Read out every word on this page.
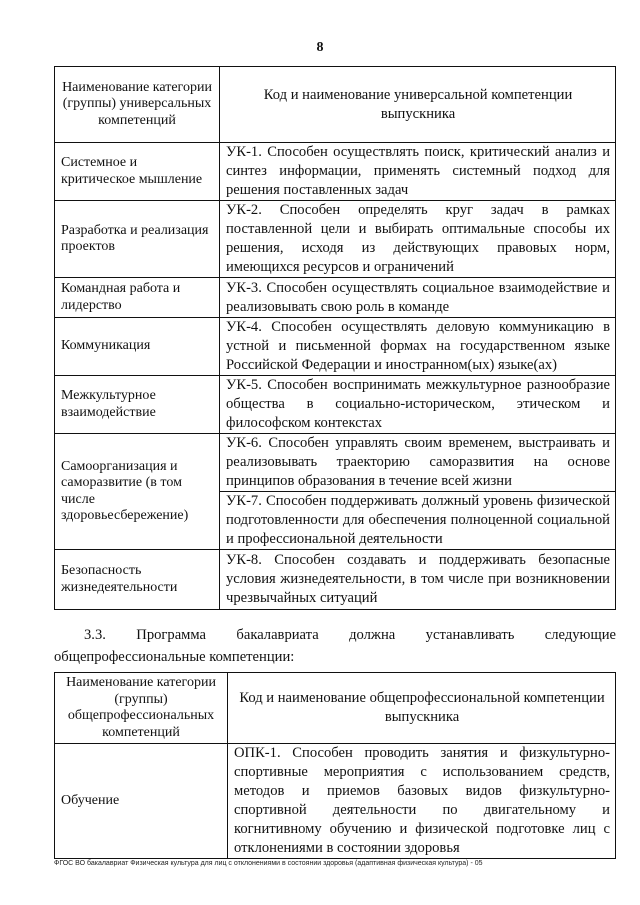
8
Наименование категории (группы) универсальных компетенций	Код и наименование универсальной компетенции выпускника
Системное и критическое мышление	УК-1. Способен осуществлять поиск, критический анализ и синтез информации, применять системный подход для решения поставленных задач
Разработка и реализация проектов	УК-2. Способен определять круг задач в рамках поставленной цели и выбирать оптимальные способы их решения, исходя из действующих правовых норм, имеющихся ресурсов и ограничений
Командная работа и лидерство	УК-3. Способен осуществлять социальное взаимодействие и реализовывать свою роль в команде
Коммуникация	УК-4. Способен осуществлять деловую коммуникацию в устной и письменной формах на государственном языке Российской Федерации и иностранном(ых) языке(ах)
Межкультурное взаимодействие	УК-5. Способен воспринимать межкультурное разнообразие общества в социально-историческом, этическом и философском контекстах
Самоорганизация и саморазвитие (в том числе здоровьесбережение)	УК-6. Способен управлять своим временем, выстраивать и реализовывать траекторию саморазвития на основе принципов образования в течение всей жизни
	УК-7. Способен поддерживать должный уровень физической подготовленности для обеспечения полноценной социальной и профессиональной деятельности
Безопасность жизнедеятельности	УК-8. Способен создавать и поддерживать безопасные условия жизнедеятельности, в том числе при возникновении чрезвычайных ситуаций
3.3. Программа бакалавриата должна устанавливать следующие
общепрофессиональные компетенции:
Наименование категории (группы) общепрофессиональных компетенций	Код и наименование общепрофессиональной компетенции выпускника
Обучение	ОПК-1. Способен проводить занятия и физкультурно-спортивные мероприятия с использованием средств, методов и приемов базовых видов физкультурно-спортивной деятельности по двигательному и когнитивному обучению и физической подготовке лиц с отклонениями в состоянии здоровья
ФГОС ВО бакалавриат Физическая культура для лиц с отклонениями в состоянии здоровья (адаптивная физическая культура) - 05
